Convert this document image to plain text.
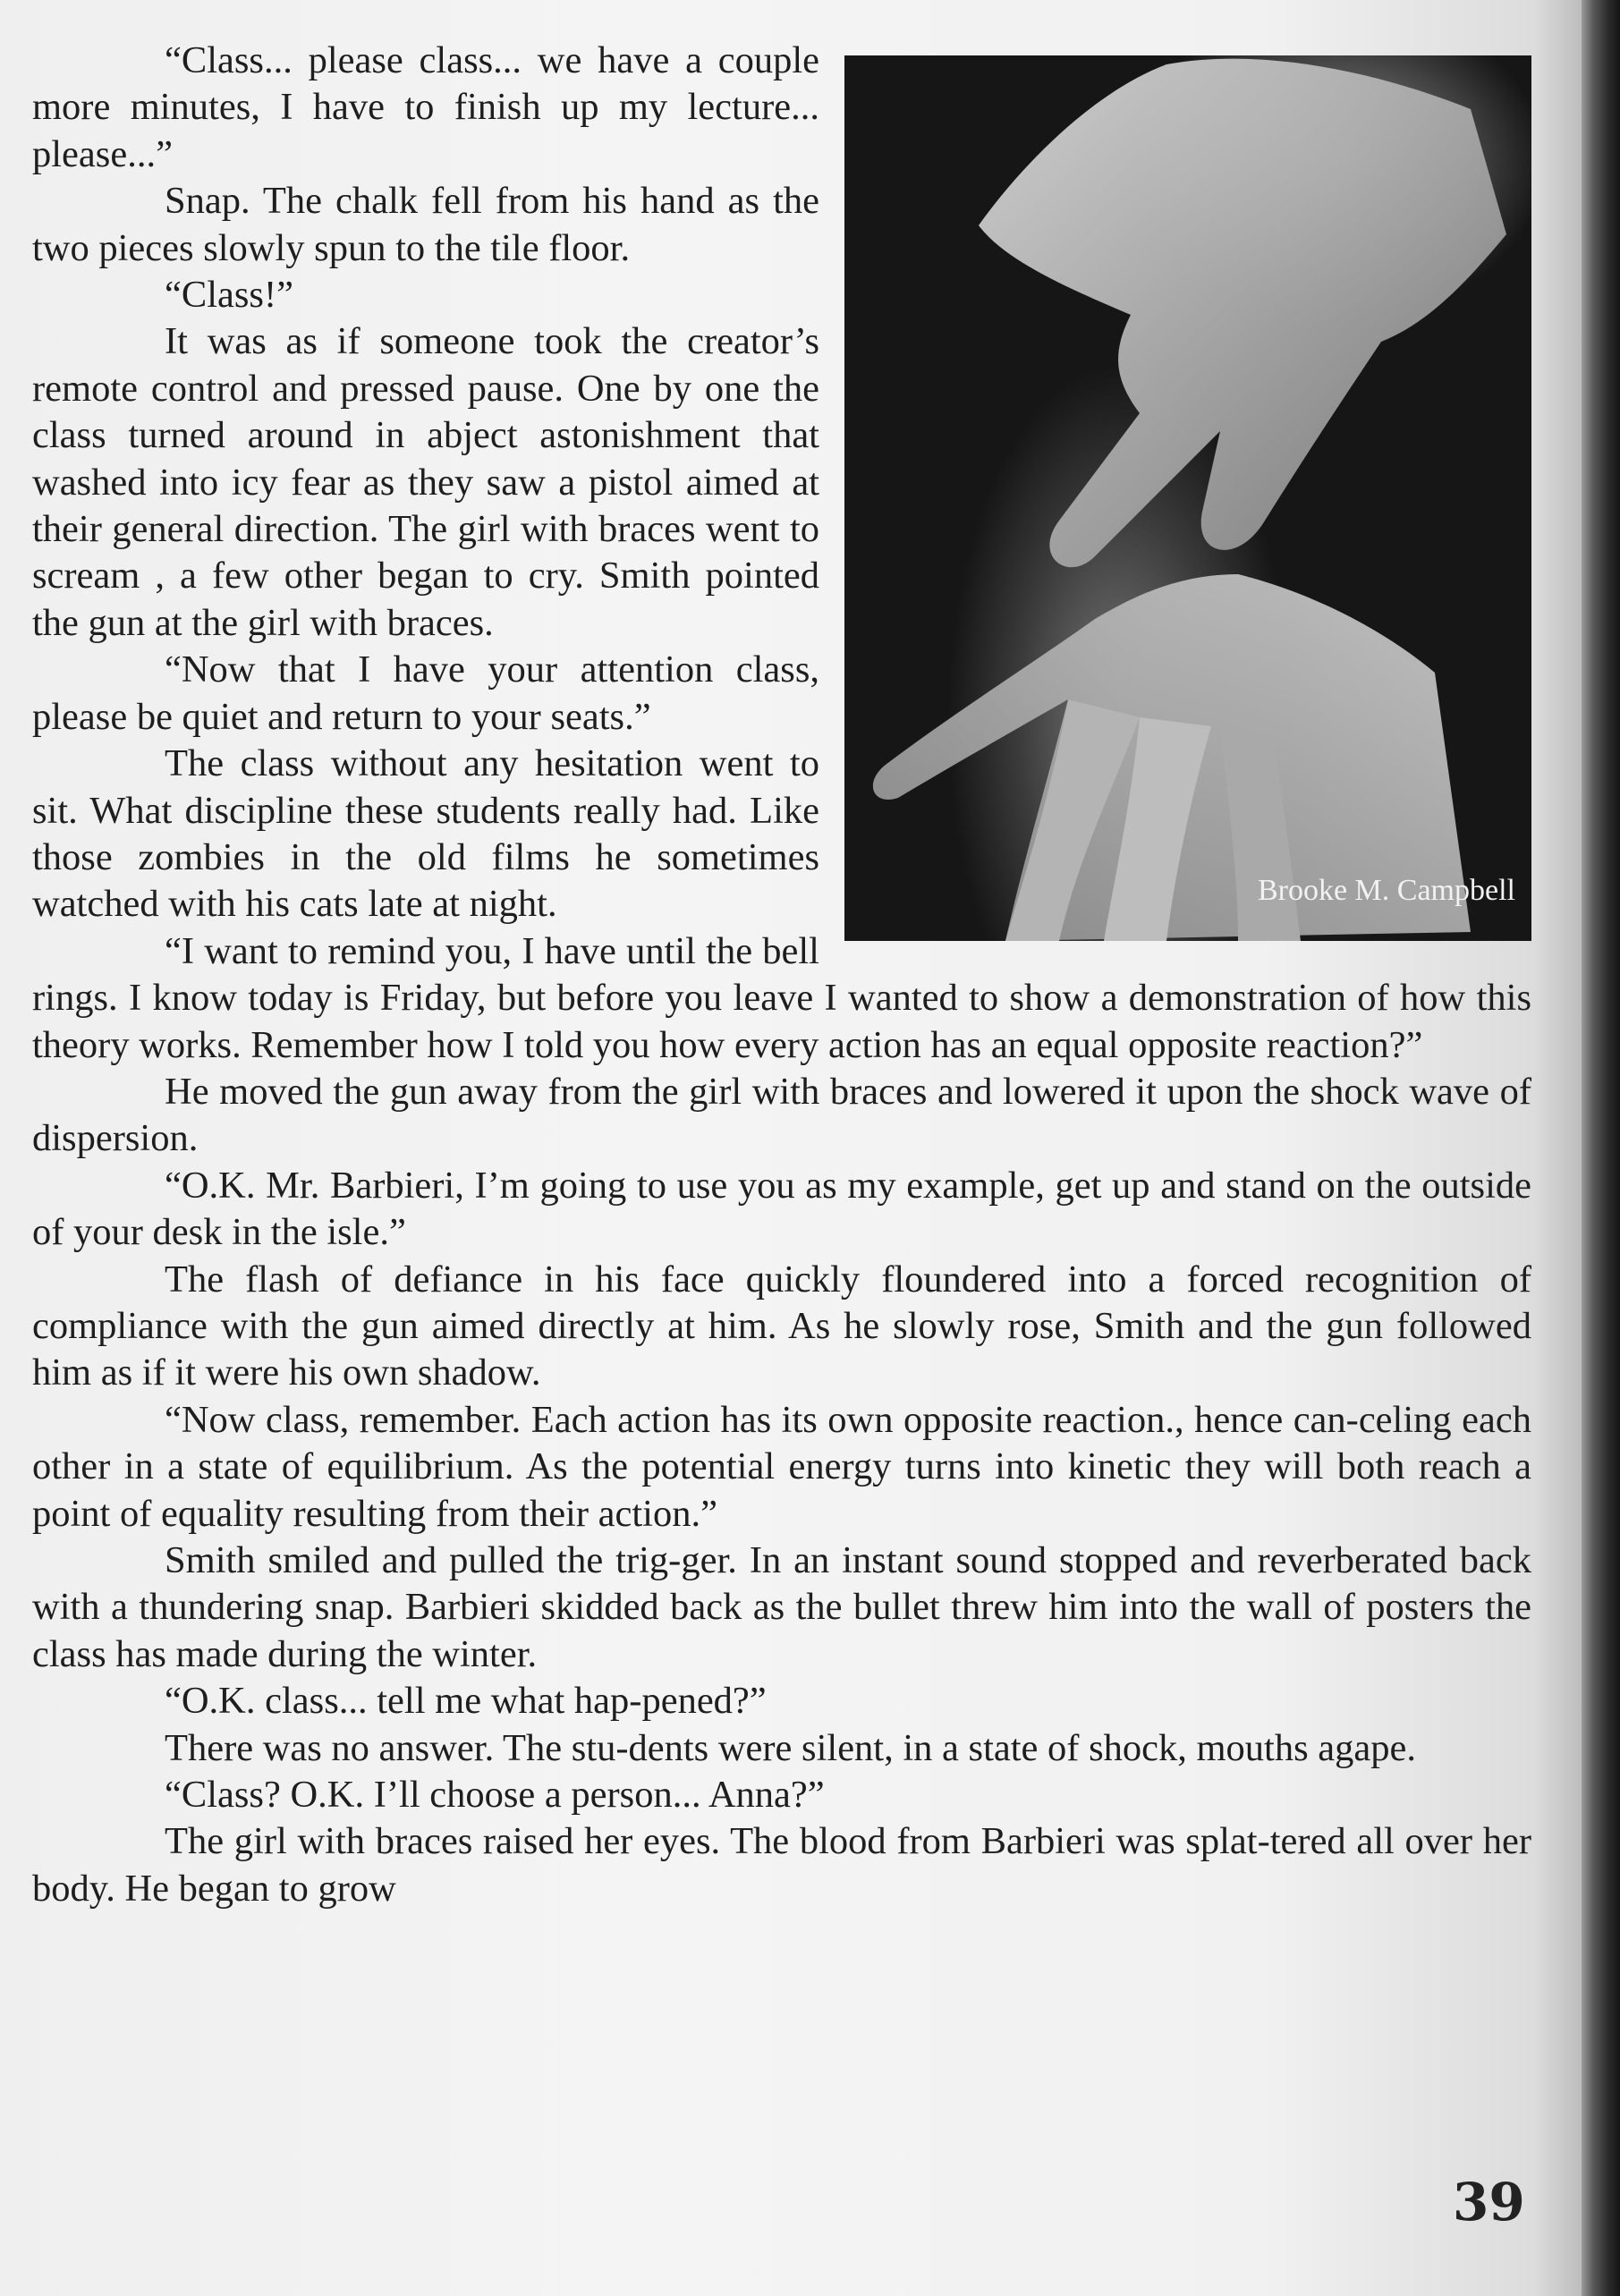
Brooke M. Campbell

“Class... please class... we have a couple more minutes, I have to finish up my lecture... please...”

Snap. The chalk fell from his hand as the two pieces slowly spun to the tile floor.

“Class!”

It was as if someone took the creator’s remote control and pressed pause. One by one the class turned around in abject astonishment that washed into icy fear as they saw a pistol aimed at their general direction. The girl with braces went to scream , a few other began to cry. Smith pointed the gun at the girl with braces.

“Now that I have your attention class, please be quiet and return to your seats.”

The class without any hesitation went to sit. What discipline these students really had. Like those zombies in the old films he sometimes watched with his cats late at night.

“I want to remind you, I have until the bell rings. I know today is Friday, but before you leave I wanted to show a demonstration of how this theory works. Remember how I told you how every action has an equal opposite reaction?”

He moved the gun away from the girl with braces and lowered it upon the shock wave of dispersion.

“O.K. Mr. Barbieri, I’m going to use you as my example, get up and stand on the outside of your desk in the isle.”

The flash of defiance in his face quickly floundered into a forced recognition of compliance with the gun aimed directly at him. As he slowly rose, Smith and the gun followed him as if it were his own shadow.

“Now class, remember. Each action has its own opposite reaction., hence can-celing each other in a state of equilibrium. As the potential energy turns into kinetic they will both reach a point of equality resulting from their action.”

Smith smiled and pulled the trig-ger. In an instant sound stopped and reverberated back with a thundering snap. Barbieri skidded back as the bullet threw him into the wall of posters the class has made during the winter.

“O.K. class... tell me what hap-pened?”

There was no answer. The stu-dents were silent, in a state of shock, mouths agape.

“Class? O.K. I’ll choose a person... Anna?”

The girl with braces raised her eyes. The blood from Barbieri was splat-tered all over her body. He began to grow

39
